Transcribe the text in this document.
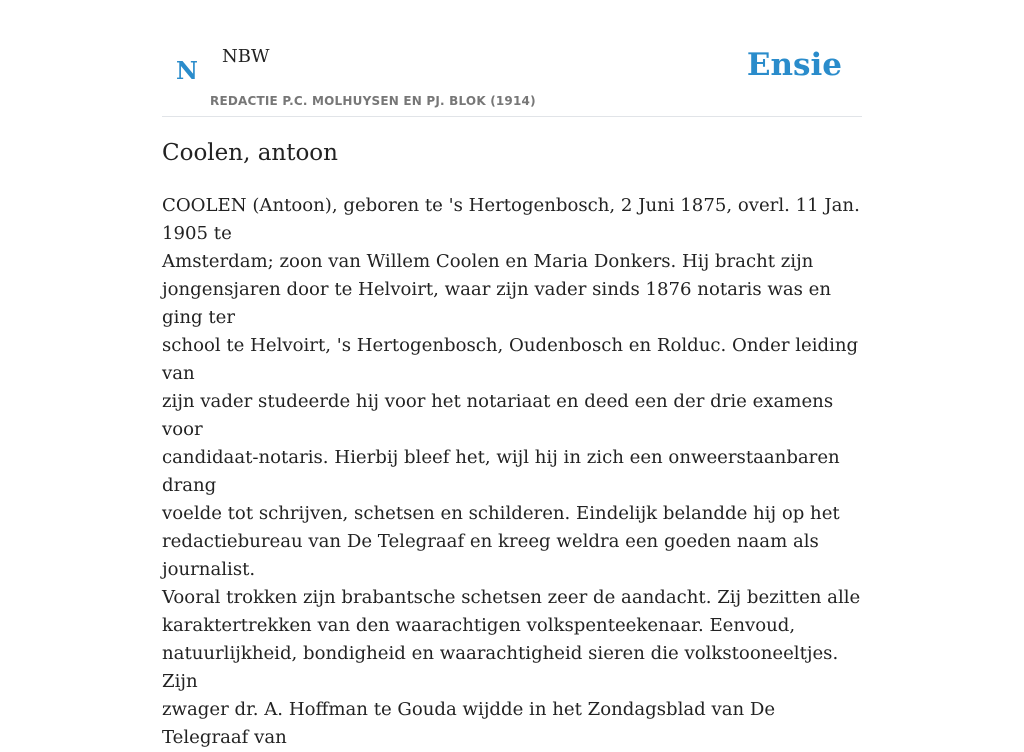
N NBW
REDACTIE P.C. MOLHUYSEN EN PJ. BLOK (1914)
Ensie
Coolen, antoon

COOLEN (Antoon), geboren te 's Hertogenbosch, 2 Juni 1875, overl. 11 Jan. 1905 te
Amsterdam; zoon van Willem Coolen en Maria Donkers. Hij bracht zijn
jongensjaren door te Helvoirt, waar zijn vader sinds 1876 notaris was en ging ter
school te Helvoirt, 's Hertogenbosch, Oudenbosch en Rolduc. Onder leiding van
zijn vader studeerde hij voor het notariaat en deed een der drie examens voor
candidaat-notaris. Hierbij bleef het, wijl hij in zich een onweerstaanbaren drang
voelde tot schrijven, schetsen en schilderen. Eindelijk belandde hij op het
redactiebureau van De Telegraaf en kreeg weldra een goeden naam als journalist.
Vooral trokken zijn brabantsche schetsen zeer de aandacht. Zij bezitten alle
karaktertrekken van den waarachtigen volkspenteekenaar. Eenvoud,
natuurlijkheid, bondigheid en waarachtigheid sieren die volkstooneeltjes. Zijn
zwager dr. A. Hoffman te Gouda wijdde in het Zondagsblad van De Telegraaf van
